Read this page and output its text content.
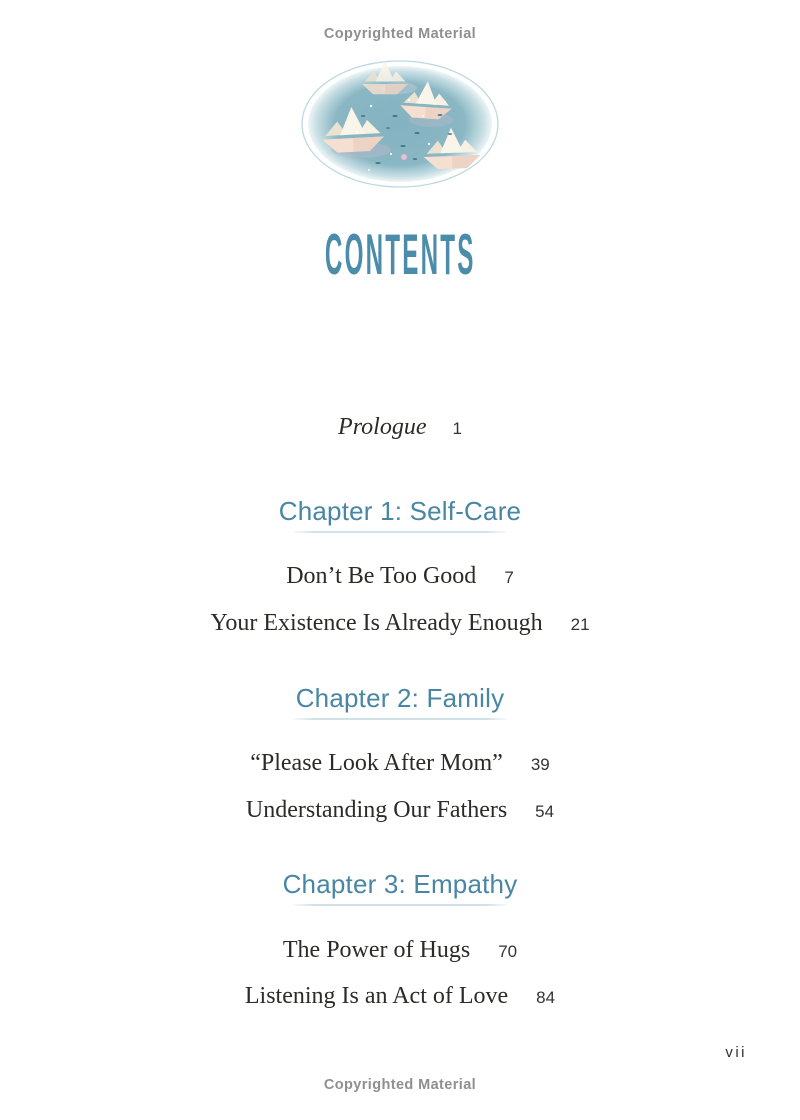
Copyrighted Material
CONTENTS
Prologue 1
Chapter 1: Self-Care
Don’t Be Too Good 7
Your Existence Is Already Enough 21
Chapter 2: Family
“Please Look After Mom” 39
Understanding Our Fathers 54
Chapter 3: Empathy
The Power of Hugs 70
Listening Is an Act of Love 84
vii
Copyrighted Material
